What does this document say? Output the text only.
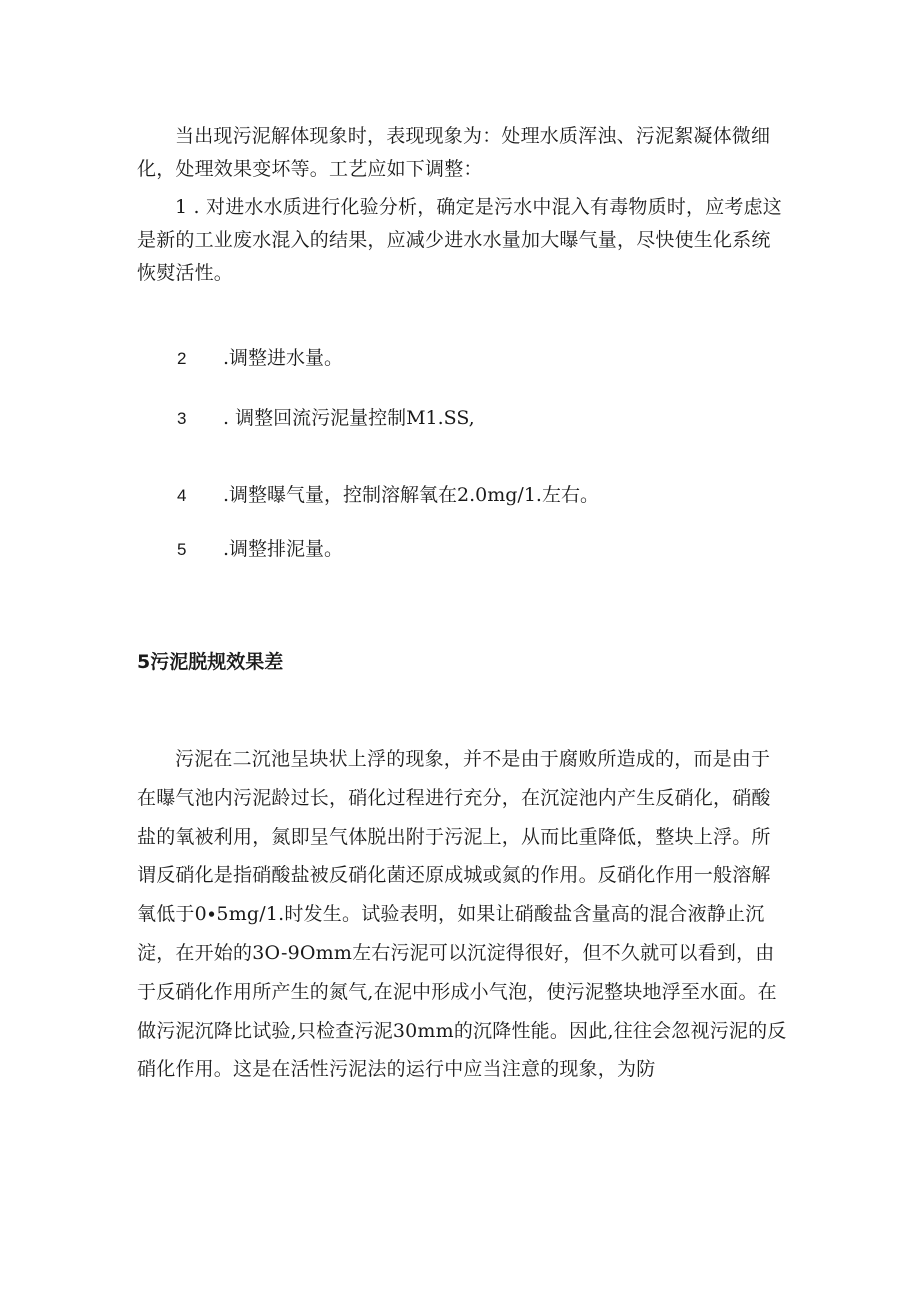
当出现污泥解体现象时，表现现象为：处理水质浑浊、污泥絮凝体微细化，处理效果变坏等。工艺应如下调整：
1 . 对进水水质进行化验分析，确定是污水中混入有毒物质时，应考虑这是新的工业废水混入的结果，应减少进水水量加大曝气量，尽快使生化系统恢熨活性。
2 .调整进水量。
3 . 调整回流污泥量控制M1.SS,
4 .调整曝气量，控制溶解氧在2.0mg∕1.左右。
5 .调整排泥量。
5污泥脱规效果差
污泥在二沉池呈块状上浮的现象，并不是由于腐败所造成的，而是由于在曝气池内污泥龄过长，硝化过程进行充分，在沉淀池内产生反硝化，硝酸盐的氧被利用，氮即呈气体脱出附于污泥上，从而比重降低，整块上浮。所谓反硝化是指硝酸盐被反硝化菌还原成城或氮的作用。反硝化作用一般溶解氧低于0∙5mg∕1.时发生。试验表明，如果让硝酸盐含量高的混合液静止沉淀，在开始的3O-9Omm左右污泥可以沉淀得很好，但不久就可以看到，由于反硝化作用所产生的氮气,在泥中形成小气泡，使污泥整块地浮至水面。在做污泥沉降比试验,只检查污泥30mm的沉降性能。因此,往往会忽视污泥的反硝化作用。这是在活性污泥法的运行中应当注意的现象，为防
